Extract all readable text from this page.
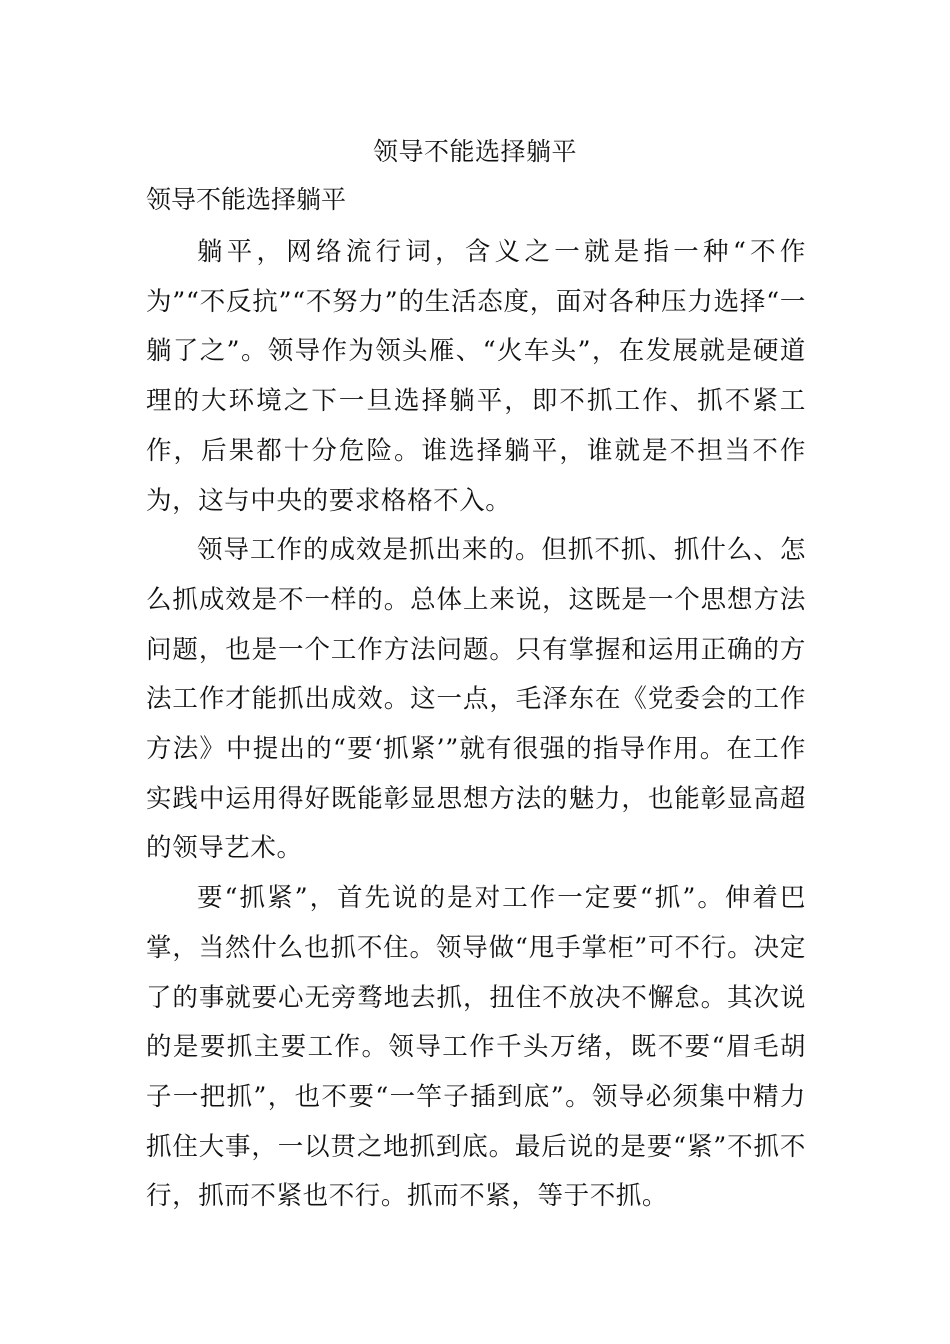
领导不能选择躺平
领导不能选择躺平

躺平，网络流行词，含义之一就是指一种“不作为”“不反抗”“不努力”的生活态度，面对各种压力选择“一躺了之”。领导作为领头雁、“火车头”，在发展就是硬道理的大环境之下一旦选择躺平，即不抓工作、抓不紧工作，后果都十分危险。谁选择躺平，谁就是不担当不作为，这与中央的要求格格不入。

领导工作的成效是抓出来的。但抓不抓、抓什么、怎么抓成效是不一样的。总体上来说，这既是一个思想方法问题，也是一个工作方法问题。只有掌握和运用正确的方法工作才能抓出成效。这一点，毛泽东在《党委会的工作方法》中提出的“要‘抓紧’”就有很强的指导作用。在工作实践中运用得好既能彰显思想方法的魅力，也能彰显高超的领导艺术。

要“抓紧”，首先说的是对工作一定要“抓”。伸着巴掌，当然什么也抓不住。领导做“甩手掌柜”可不行。决定了的事就要心无旁骛地去抓，扭住不放决不懈怠。其次说的是要抓主要工作。领导工作千头万绪，既不要“眉毛胡子一把抓”，也不要“一竿子插到底”。领导必须集中精力抓住大事，一以贯之地抓到底。最后说的是要“紧”不抓不行，抓而不紧也不行。抓而不紧，等于不抓。
